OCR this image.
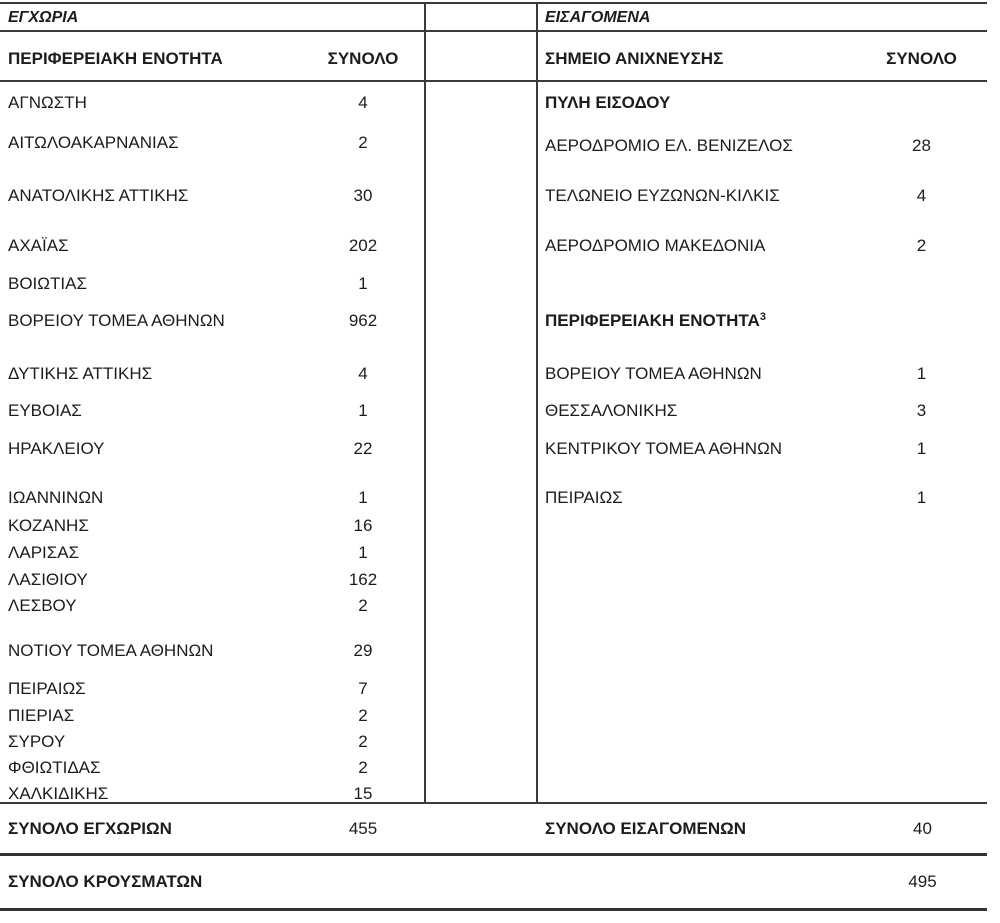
ΕΓΧΩΡΙΑ	ΕΙΣΑΓΟΜΕΝΑ
ΠΕΡΙΦΕΡΕΙΑΚΗ ΕΝΟΤΗΤΑ	ΣΥΝΟΛΟ	ΣΗΜΕΙΟ ΑΝΙΧΝΕΥΣΗΣ	ΣΥΝΟΛΟ
ΑΓΝΩΣΤΗ	4
ΑΙΤΩΛΟΑΚΑΡΝΑΝΙΑΣ	2
ΑΝΑΤΟΛΙΚΗΣ ΑΤΤΙΚΗΣ	30
ΑΧΑΪΑΣ	202
ΒΟΙΩΤΙΑΣ	1
ΒΟΡΕΙΟΥ ΤΟΜΕΑ ΑΘΗΝΩΝ	962
ΔΥΤΙΚΗΣ ΑΤΤΙΚΗΣ	4
ΕΥΒΟΙΑΣ	1
ΗΡΑΚΛΕΙΟΥ	22
ΙΩΑΝΝΙΝΩΝ	1
ΚΟΖΑΝΗΣ	16
ΛΑΡΙΣΑΣ	1
ΛΑΣΙΘΙΟΥ	162
ΛΕΣΒΟΥ	2
ΝΟΤΙΟΥ ΤΟΜΕΑ ΑΘΗΝΩΝ	29
ΠΕΙΡΑΙΩΣ	7
ΠΙΕΡΙΑΣ	2
ΣΥΡΟΥ	2
ΦΘΙΩΤΙΔΑΣ	2
ΧΑΛΚΙΔΙΚΗΣ	15
ΠΥΛΗ ΕΙΣΟΔΟΥ
ΑΕΡΟΔΡΟΜΙΟ ΕΛ. ΒΕΝΙΖΕΛΟΣ	28
ΤΕΛΩΝΕΙΟ ΕΥΖΩΝΩΝ-ΚΙΛΚΙΣ	4
ΑΕΡΟΔΡΟΜΙΟ ΜΑΚΕΔΟΝΙΑ	2
ΠΕΡΙΦΕΡΕΙΑΚΗ ΕΝΟΤΗΤΑ$^3$
ΒΟΡΕΙΟΥ ΤΟΜΕΑ ΑΘΗΝΩΝ	1
ΘΕΣΣΑΛΟΝΙΚΗΣ	3
ΚΕΝΤΡΙΚΟΥ ΤΟΜΕΑ ΑΘΗΝΩΝ	1
ΠΕΙΡΑΙΩΣ	1
ΣΥΝΟΛΟ ΕΓΧΩΡΙΩΝ	455	ΣΥΝΟΛΟ ΕΙΣΑΓΟΜΕΝΩΝ	40
ΣΥΝΟΛΟ ΚΡΟΥΣΜΑΤΩΝ	495
